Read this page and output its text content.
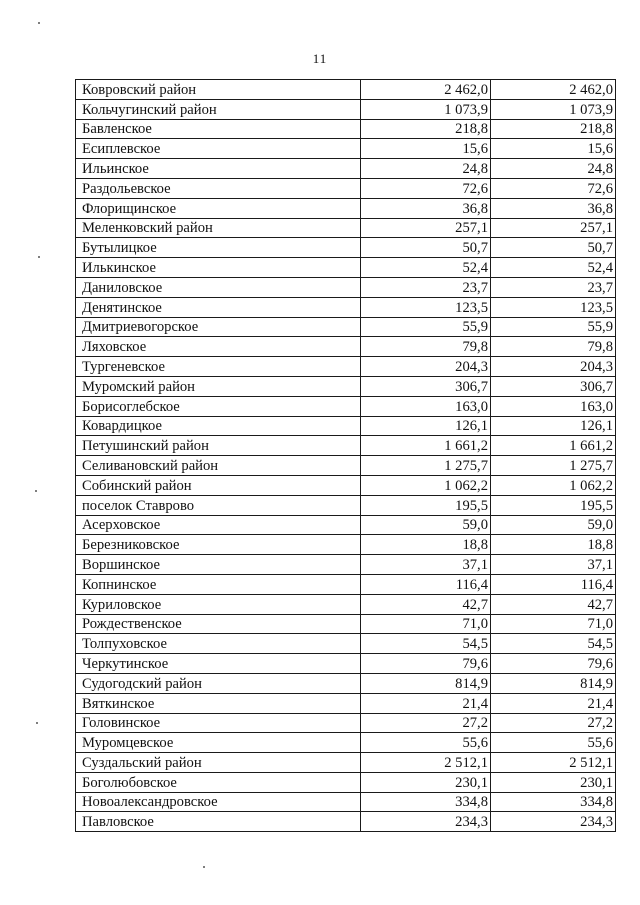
11
Ковровский район	2 462,0	2 462,0
Кольчугинский район	1 073,9	1 073,9
Бавленское	218,8	218,8
Есиплевское	15,6	15,6
Ильинское	24,8	24,8
Раздольевское	72,6	72,6
Флорищинское	36,8	36,8
Меленковский район	257,1	257,1
Бутылицкое	50,7	50,7
Илькинское	52,4	52,4
Даниловское	23,7	23,7
Денятинское	123,5	123,5
Дмитриевогорское	55,9	55,9
Ляховское	79,8	79,8
Тургеневское	204,3	204,3
Муромский район	306,7	306,7
Борисоглебское	163,0	163,0
Ковардицкое	126,1	126,1
Петушинский район	1 661,2	1 661,2
Селивановский район	1 275,7	1 275,7
Собинский район	1 062,2	1 062,2
поселок Ставрово	195,5	195,5
Асерховское	59,0	59,0
Березниковское	18,8	18,8
Воршинское	37,1	37,1
Копнинское	116,4	116,4
Куриловское	42,7	42,7
Рождественское	71,0	71,0
Толпуховское	54,5	54,5
Черкутинское	79,6	79,6
Судогодский район	814,9	814,9
Вяткинское	21,4	21,4
Головинское	27,2	27,2
Муромцевское	55,6	55,6
Суздальский район	2 512,1	2 512,1
Боголюбовское	230,1	230,1
Новоалександровское	334,8	334,8
Павловское	234,3	234,3
